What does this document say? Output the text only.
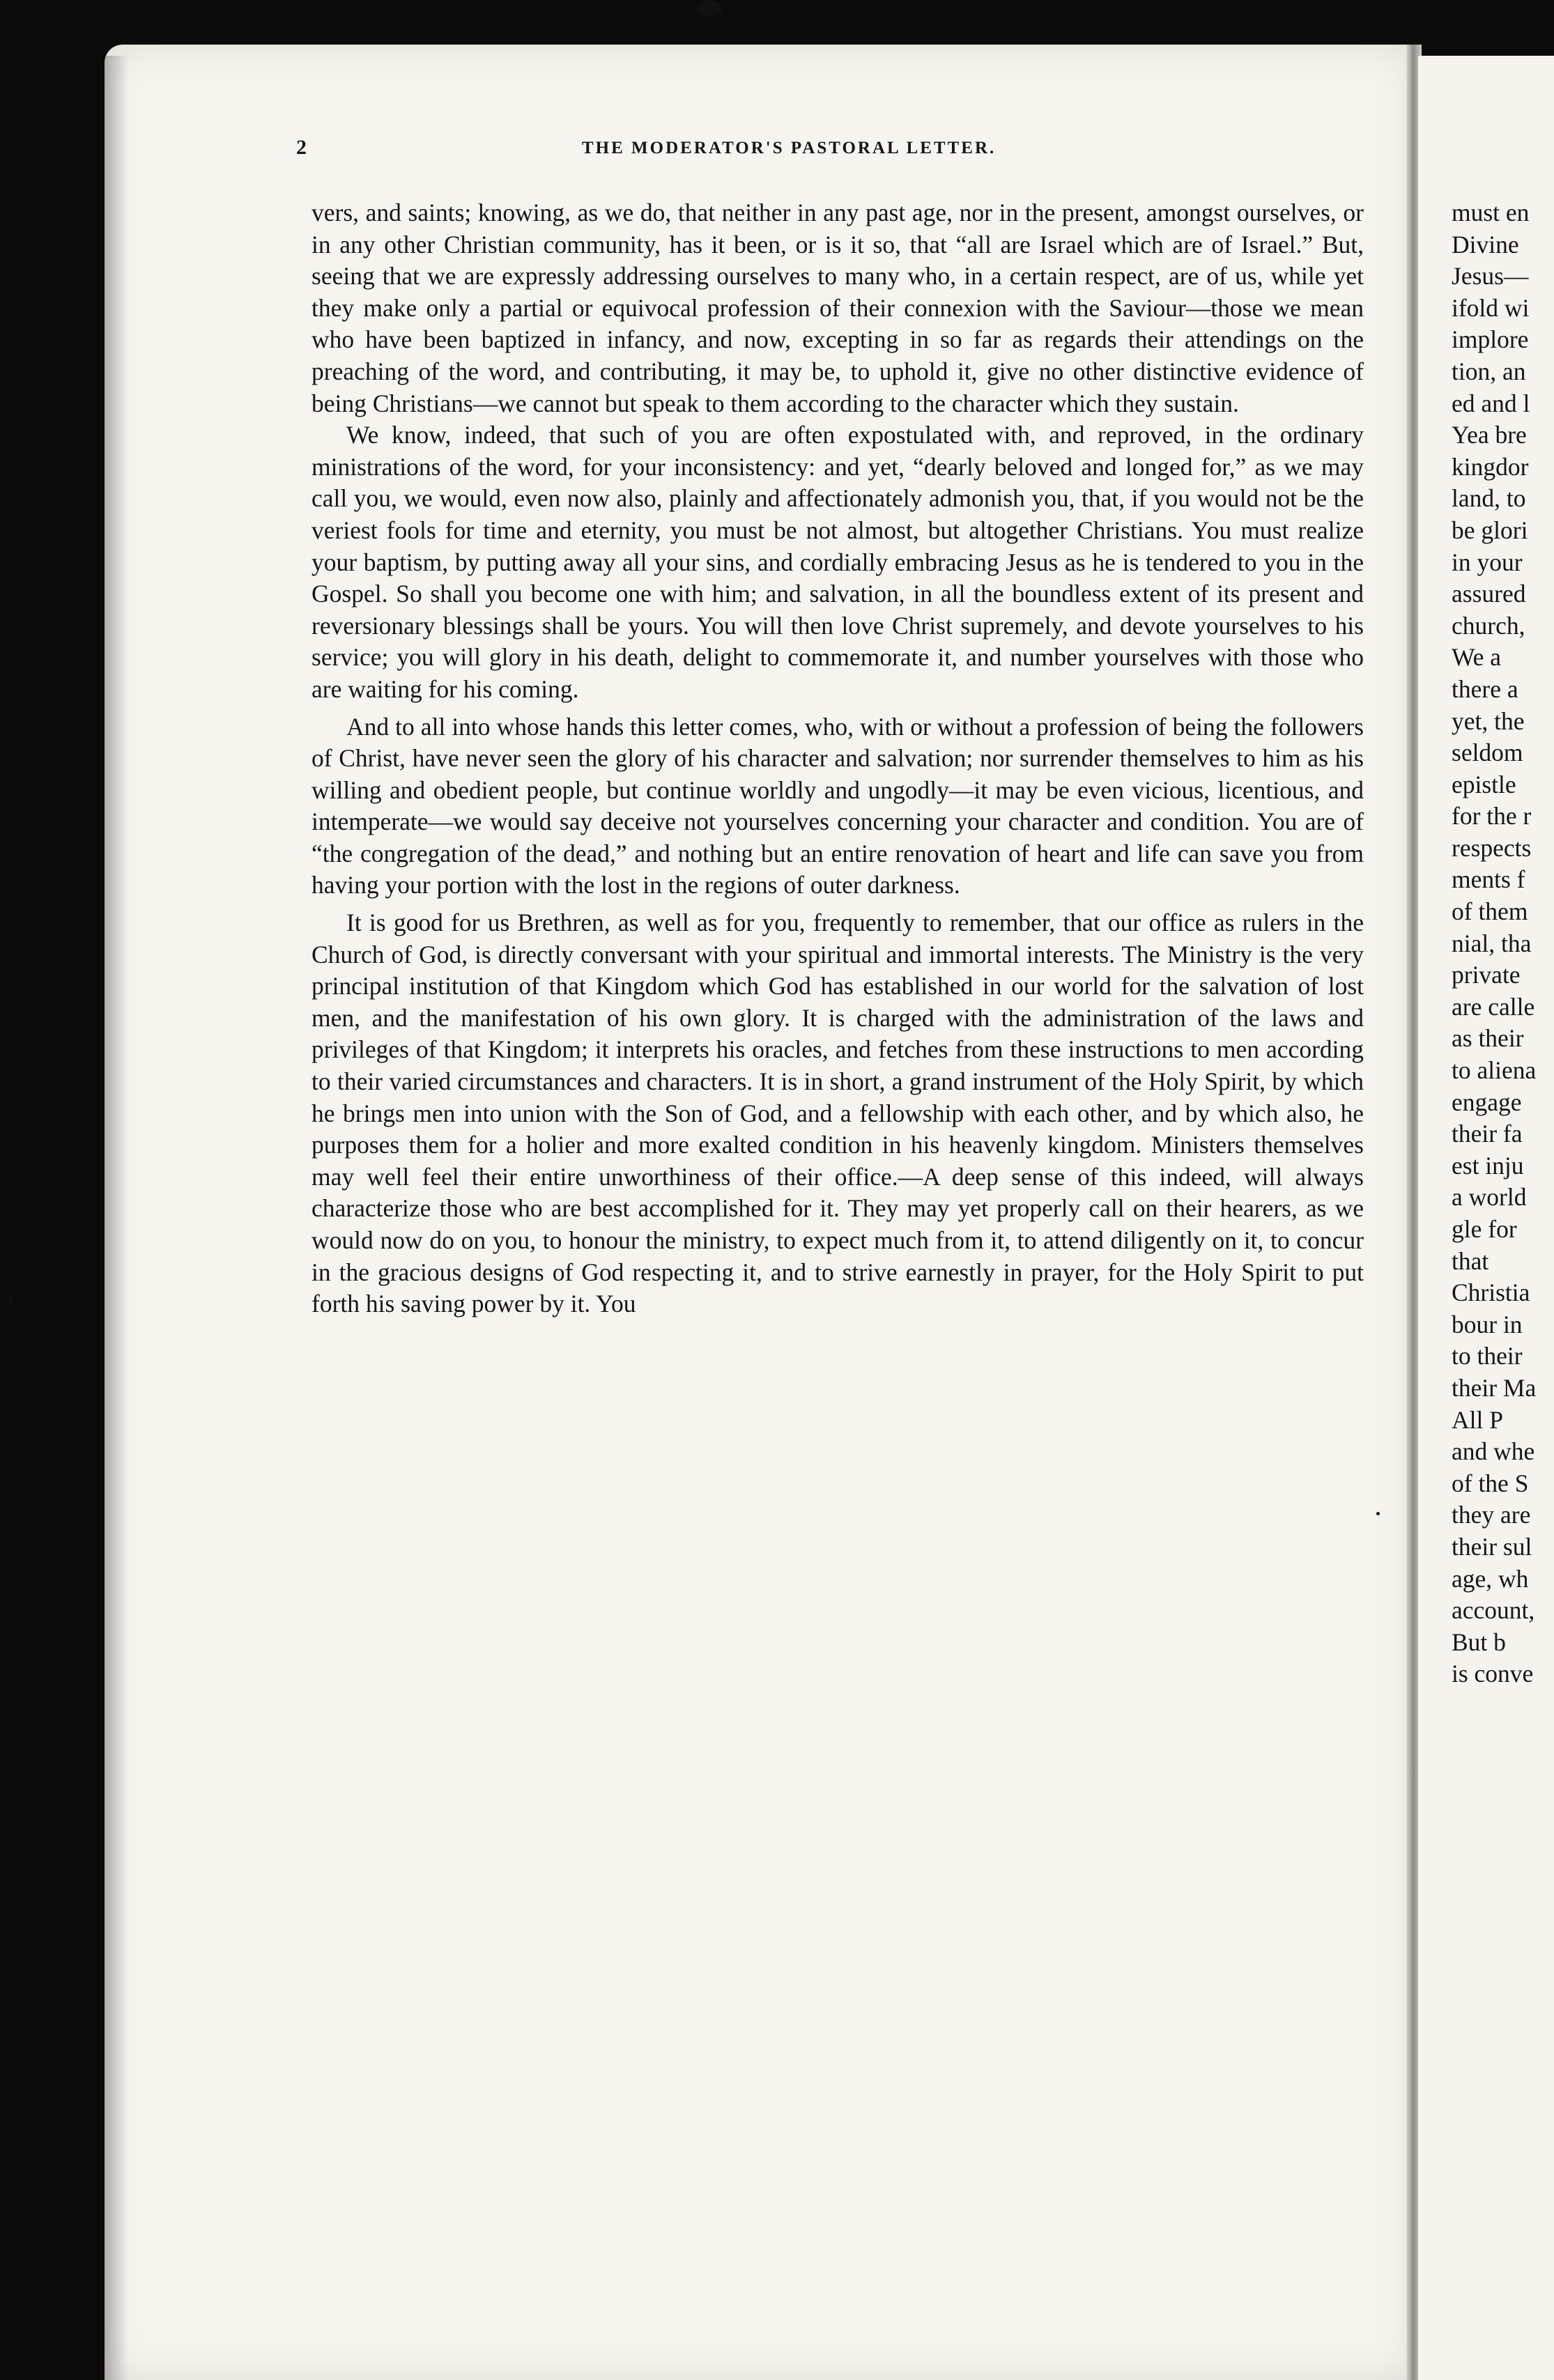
must en
Divine
Jesus—
ifold wi
implore
tion, an
ed and l
Yea bre
kingdor
land, to
be glori
in your
assured
church,
We a
there a
yet, the
seldom
epistle
for the r
respects
ments f
of them
nial, tha
private
are calle
as their
to aliena
engage
their fa
est inju
a world
gle for
that
Christia
bour in
to their
their Ma
All P
and whe
of the S
they are
their sul
age, wh
account,
But b
is conve
2	THE MODERATOR'S PASTORAL LETTER.

vers, and saints; knowing, as we do, that neither in any past age, nor in the present, amongst ourselves, or in any other Christian community, has it been, or is it so, that “all are Israel which are of Israel.” But, seeing that we are expressly addressing ourselves to many who, in a certain respect, are of us, while yet they make only a partial or equivocal profession of their connexion with the Saviour—those we mean who have been baptized in infancy, and now, excepting in so far as regards their attendings on the preaching of the word, and contributing, it may be, to uphold it, give no other distinctive evidence of being Christians—we cannot but speak to them according to the character which they sustain.

We know, indeed, that such of you are often expostulated with, and reproved, in the ordinary ministrations of the word, for your inconsistency: and yet, “dearly beloved and longed for,” as we may call you, we would, even now also, plainly and affectionately admonish you, that, if you would not be the veriest fools for time and eternity, you must be not almost, but altogether Christians. You must realize your baptism, by putting away all your sins, and cordially embracing Jesus as he is tendered to you in the Gospel. So shall you become one with him; and salvation, in all the boundless extent of its present and reversionary blessings shall be yours. You will then love Christ supremely, and devote yourselves to his service; you will glory in his death, delight to commemorate it, and number yourselves with those who are waiting for his coming.

And to all into whose hands this letter comes, who, with or without a profession of being the followers of Christ, have never seen the glory of his character and salvation; nor surrender themselves to him as his willing and obedient people, but continue worldly and ungodly—it may be even vicious, licentious, and intemperate—we would say deceive not yourselves concerning your character and condition. You are of “the congregation of the dead,” and nothing but an entire renovation of heart and life can save you from having your portion with the lost in the regions of outer darkness.

It is good for us Brethren, as well as for you, frequently to remember, that our office as rulers in the Church of God, is directly conversant with your spiritual and immortal interests. The Ministry is the very principal institution of that Kingdom which God has established in our world for the salvation of lost men, and the manifestation of his own glory. It is charged with the administration of the laws and privileges of that Kingdom; it interprets his oracles, and fetches from these instructions to men according to their varied circumstances and characters. It is in short, a grand instrument of the Holy Spirit, by which he brings men into union with the Son of God, and a fellowship with each other, and by which also, he purposes them for a holier and more exalted condition in his heavenly kingdom. Ministers themselves may well feel their entire unworthiness of their office.—A deep sense of this indeed, will always characterize those who are best accomplished for it. They may yet properly call on their hearers, as we would now do on you, to honour the ministry, to expect much from it, to attend diligently on it, to concur in the gracious designs of God respecting it, and to strive earnestly in prayer, for the Holy Spirit to put forth his saving power by it. You
